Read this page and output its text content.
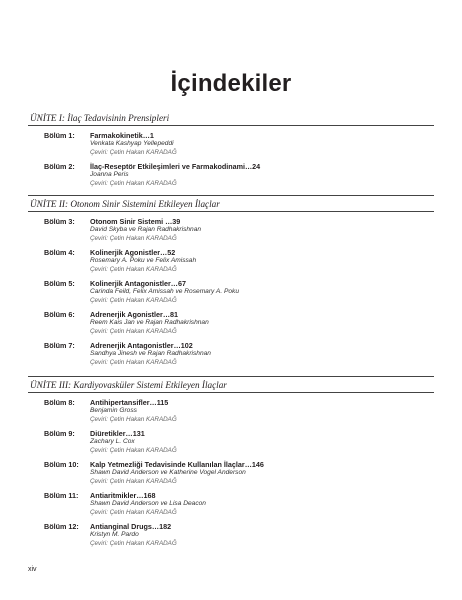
İçindekiler
ÜNİTE I: İlaç Tedavisinin Prensipleri
Bölüm 1: Farmakokinetik…1
Venkata Kashyap Yellepeddi
Çeviri: Çetin Hakan KARADAĞ
Bölüm 2: İlaç-Reseptör Etkileşimleri ve Farmakodinami…24
Joanna Peris
Çeviri: Çetin Hakan KARADAĞ
ÜNİTE II: Otonom Sinir Sistemini Etkileyen İlaçlar
Bölüm 3: Otonom Sinir Sistemi …39
David Skyba ve Rajan Radhakrishnan
Çeviri: Çetin Hakan KARADAĞ
Bölüm 4: Kolinerjik Agonistler…52
Rosemary A. Poku ve Felix Amissah
Çeviri: Çetin Hakan KARADAĞ
Bölüm 5: Kolinerjik Antagonistler…67
Carinda Feild, Felix Amissah ve Rosemary A. Poku
Çeviri: Çetin Hakan KARADAĞ
Bölüm 6: Adrenerjik Agonistler…81
Reem Kais Jan ve Rajan Radhakrishnan
Çeviri: Çetin Hakan KARADAĞ
Bölüm 7: Adrenerjik Antagonistler…102
Sandhya Jinesh ve Rajan Radhakrishnan
Çeviri: Çetin Hakan KARADAĞ
ÜNİTE III: Kardiyovasküler Sistemi Etkileyen İlaçlar
Bölüm 8: Antihipertansifler…115
Benjamin Gross
Çeviri: Çetin Hakan KARADAĞ
Bölüm 9: Diüretikler…131
Zachary L. Cox
Çeviri: Çetin Hakan KARADAĞ
Bölüm 10: Kalp Yetmezliği Tedavisinde Kullanılan İlaçlar…146
Shawn David Anderson ve Katherine Vogel Anderson
Çeviri: Çetin Hakan KARADAĞ
Bölüm 11: Antiaritmikler…168
Shawn David Anderson ve Lisa Deacon
Çeviri: Çetin Hakan KARADAĞ
Bölüm 12: Antianginal Drugs…182
Kristyn M. Pardo
Çeviri: Çetin Hakan KARADAĞ
xiv
